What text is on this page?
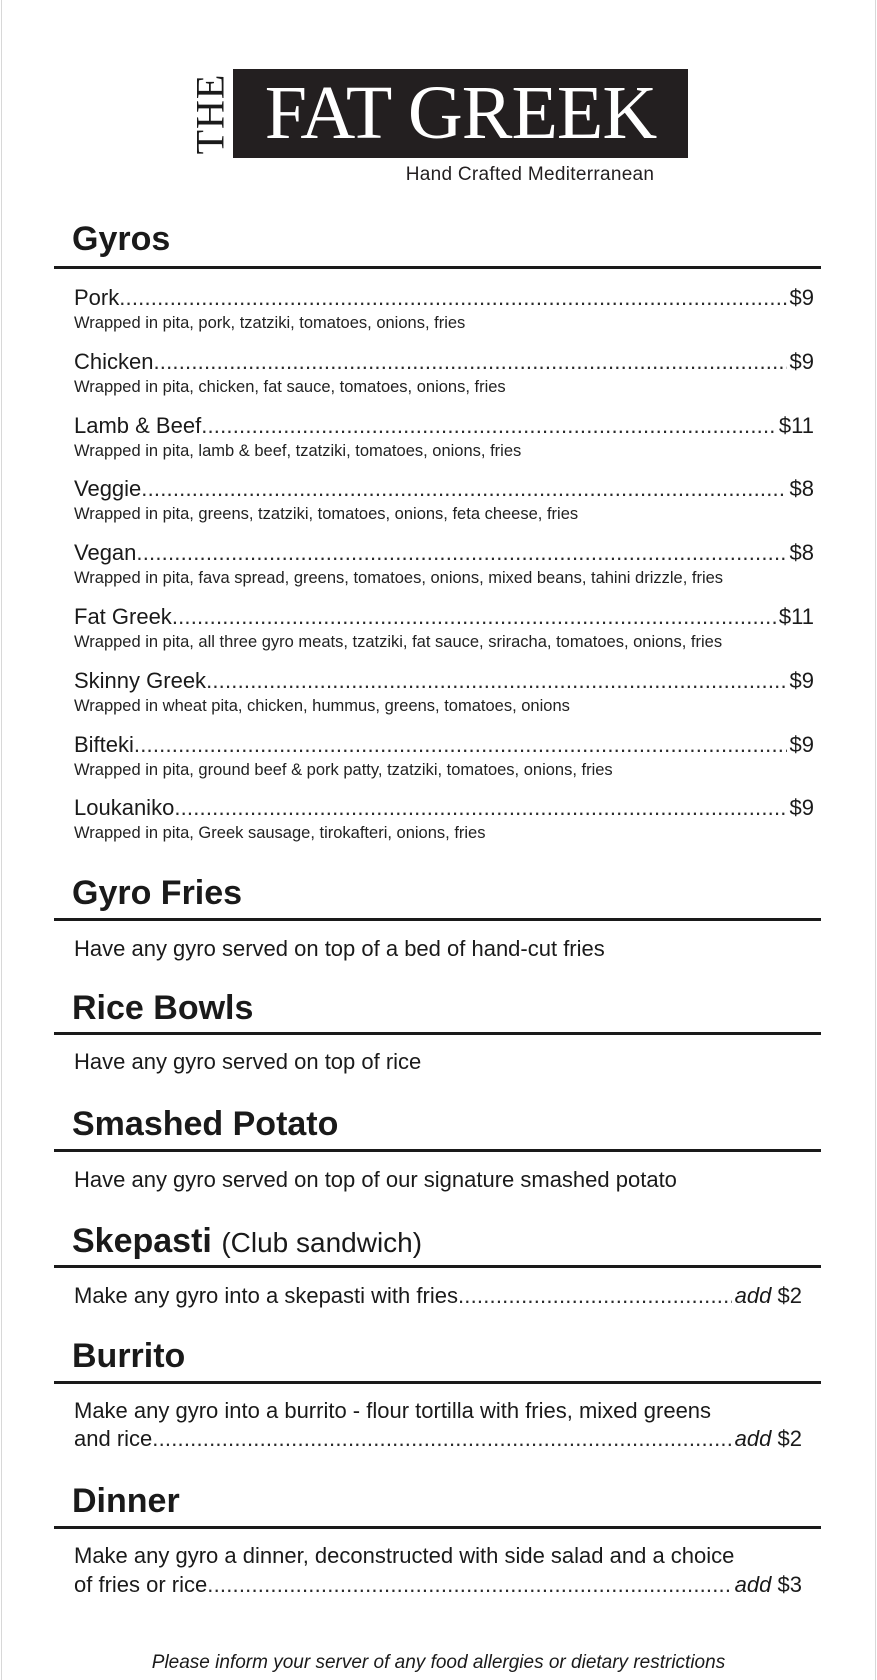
THE FAT GREEK
Hand Crafted Mediterranean
Gyros
Pork .....	$9
Wrapped in pita, pork, tzatziki, tomatoes, onions, fries
Chicken .....	$9
Wrapped in pita, chicken, fat sauce, tomatoes, onions, fries
Lamb & Beef .....	$11
Wrapped in pita, lamb & beef, tzatziki, tomatoes, onions, fries
Veggie .....	$8
Wrapped in pita, greens, tzatziki, tomatoes, onions, feta cheese, fries
Vegan .....	$8
Wrapped in pita, fava spread, greens, tomatoes, onions, mixed beans, tahini drizzle, fries
Fat Greek .....	$11
Wrapped in pita, all three gyro meats, tzatziki, fat sauce, sriracha, tomatoes, onions, fries
Skinny Greek .....	$9
Wrapped in wheat pita, chicken, hummus, greens, tomatoes, onions
Bifteki .....	$9
Wrapped in pita, ground beef & pork patty, tzatziki, tomatoes, onions, fries
Loukaniko .....	$9
Wrapped in pita, Greek sausage, tirokafteri, onions, fries
Gyro Fries
Have any gyro served on top of a bed of hand-cut fries
Rice Bowls
Have any gyro served on top of rice
Smashed Potato
Have any gyro served on top of our signature smashed potato
Skepasti (Club sandwich)
Make any gyro into a skepasti with fries .....	add $2
Burrito
Make any gyro into a burrito - flour tortilla with fries, mixed greens
and rice .....	add $2
Dinner
Make any gyro a dinner, deconstructed with side salad and a choice
of fries or rice .....	add $3
Please inform your server of any food allergies or dietary restrictions
